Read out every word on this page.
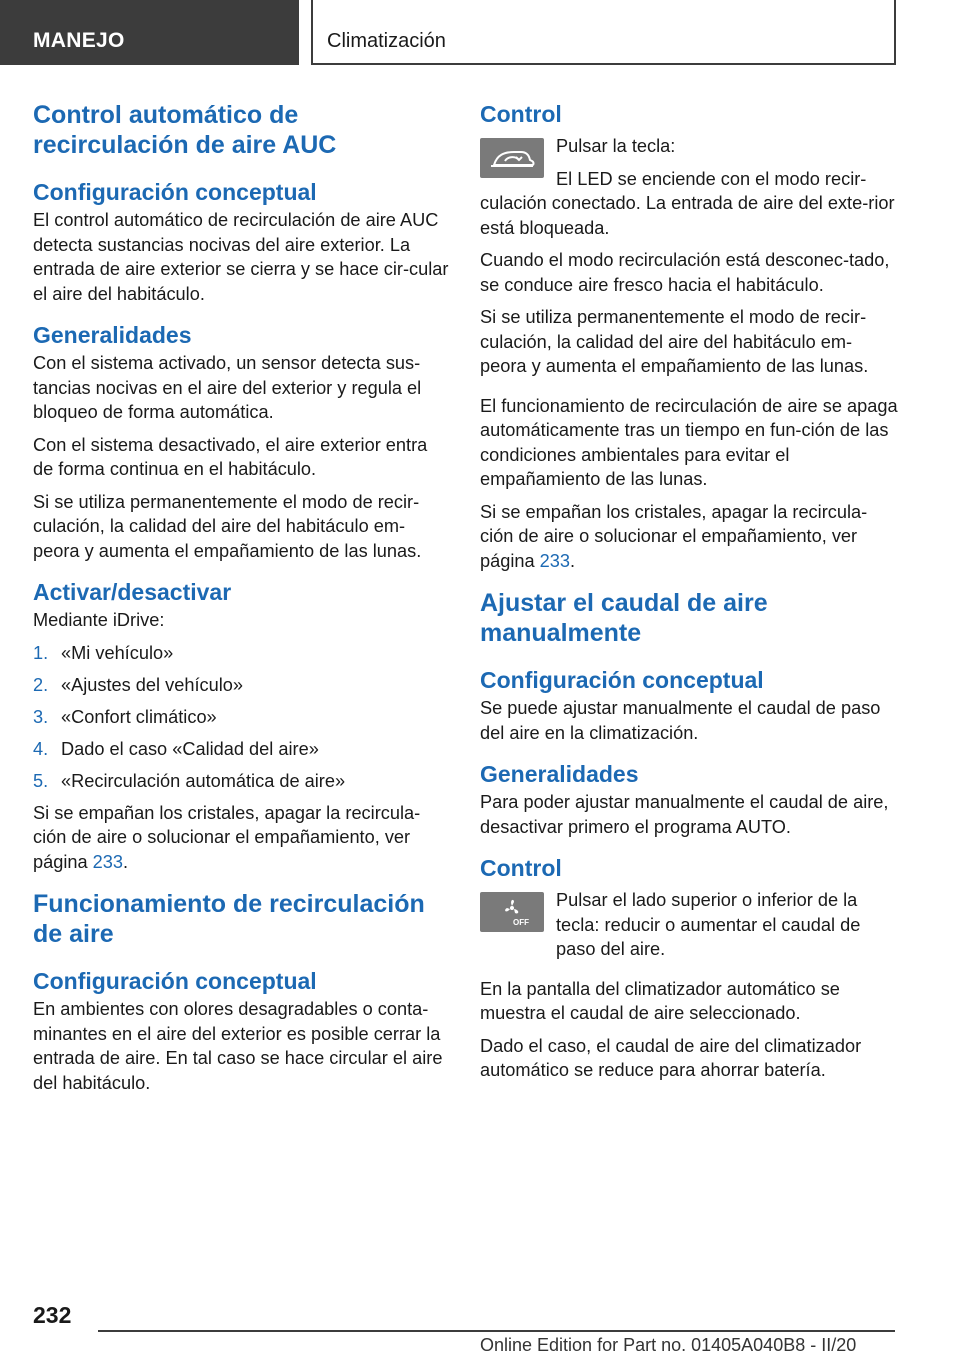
MANEJO	Climatización
Control automático de recirculación de aire AUC
Configuración conceptual

El control automático de recirculación de aire AUC detecta sustancias nocivas del aire exterior. La entrada de aire exterior se cierra y se hace cir-cular el aire del habitáculo.

Generalidades

Con el sistema activado, un sensor detecta sus-tancias nocivas en el aire del exterior y regula el bloqueo de forma automática.

Con el sistema desactivado, el aire exterior entra de forma continua en el habitáculo.

Si se utiliza permanentemente el modo de recir-culación, la calidad del aire del habitáculo em-peora y aumenta el empañamiento de las lunas.

Activar/desactivar

Mediante iDrive:

1. «Mi vehículo»
2. «Ajustes del vehículo»
3. «Confort climático»
4. Dado el caso «Calidad del aire»
5. «Recirculación automática de aire»

Si se empañan los cristales, apagar la recircula-ción de aire o solucionar el empañamiento, ver página 233.

Funcionamiento de recirculación de aire
Configuración conceptual

En ambientes con olores desagradables o conta-minantes en el aire del exterior es posible cerrar la entrada de aire. En tal caso se hace circular el aire del habitáculo.

Control

Pulsar la tecla:

El LED se enciende con el modo recir-culación conectado. La entrada de aire del exte-rior está bloqueada.

Cuando el modo recirculación está desconec-tado, se conduce aire fresco hacia el habitáculo.

Si se utiliza permanentemente el modo de recir-culación, la calidad del aire del habitáculo em-peora y aumenta el empañamiento de las lunas.

El funcionamiento de recirculación de aire se apaga automáticamente tras un tiempo en fun-ción de las condiciones ambientales para evitar el empañamiento de las lunas.

Si se empañan los cristales, apagar la recircula-ción de aire o solucionar el empañamiento, ver página 233.

Ajustar el caudal de aire manualmente
Configuración conceptual

Se puede ajustar manualmente el caudal de paso del aire en la climatización.

Generalidades

Para poder ajustar manualmente el caudal de aire, desactivar primero el programa AUTO.

Control
OFF

Pulsar el lado superior o inferior de la tecla: reducir o aumentar el caudal de paso del aire.

En la pantalla del climatizador automático se muestra el caudal de aire seleccionado.

Dado el caso, el caudal de aire del climatizador automático se reduce para ahorrar batería.

232
Online Edition for Part no. 01405A040B8 - II/20
